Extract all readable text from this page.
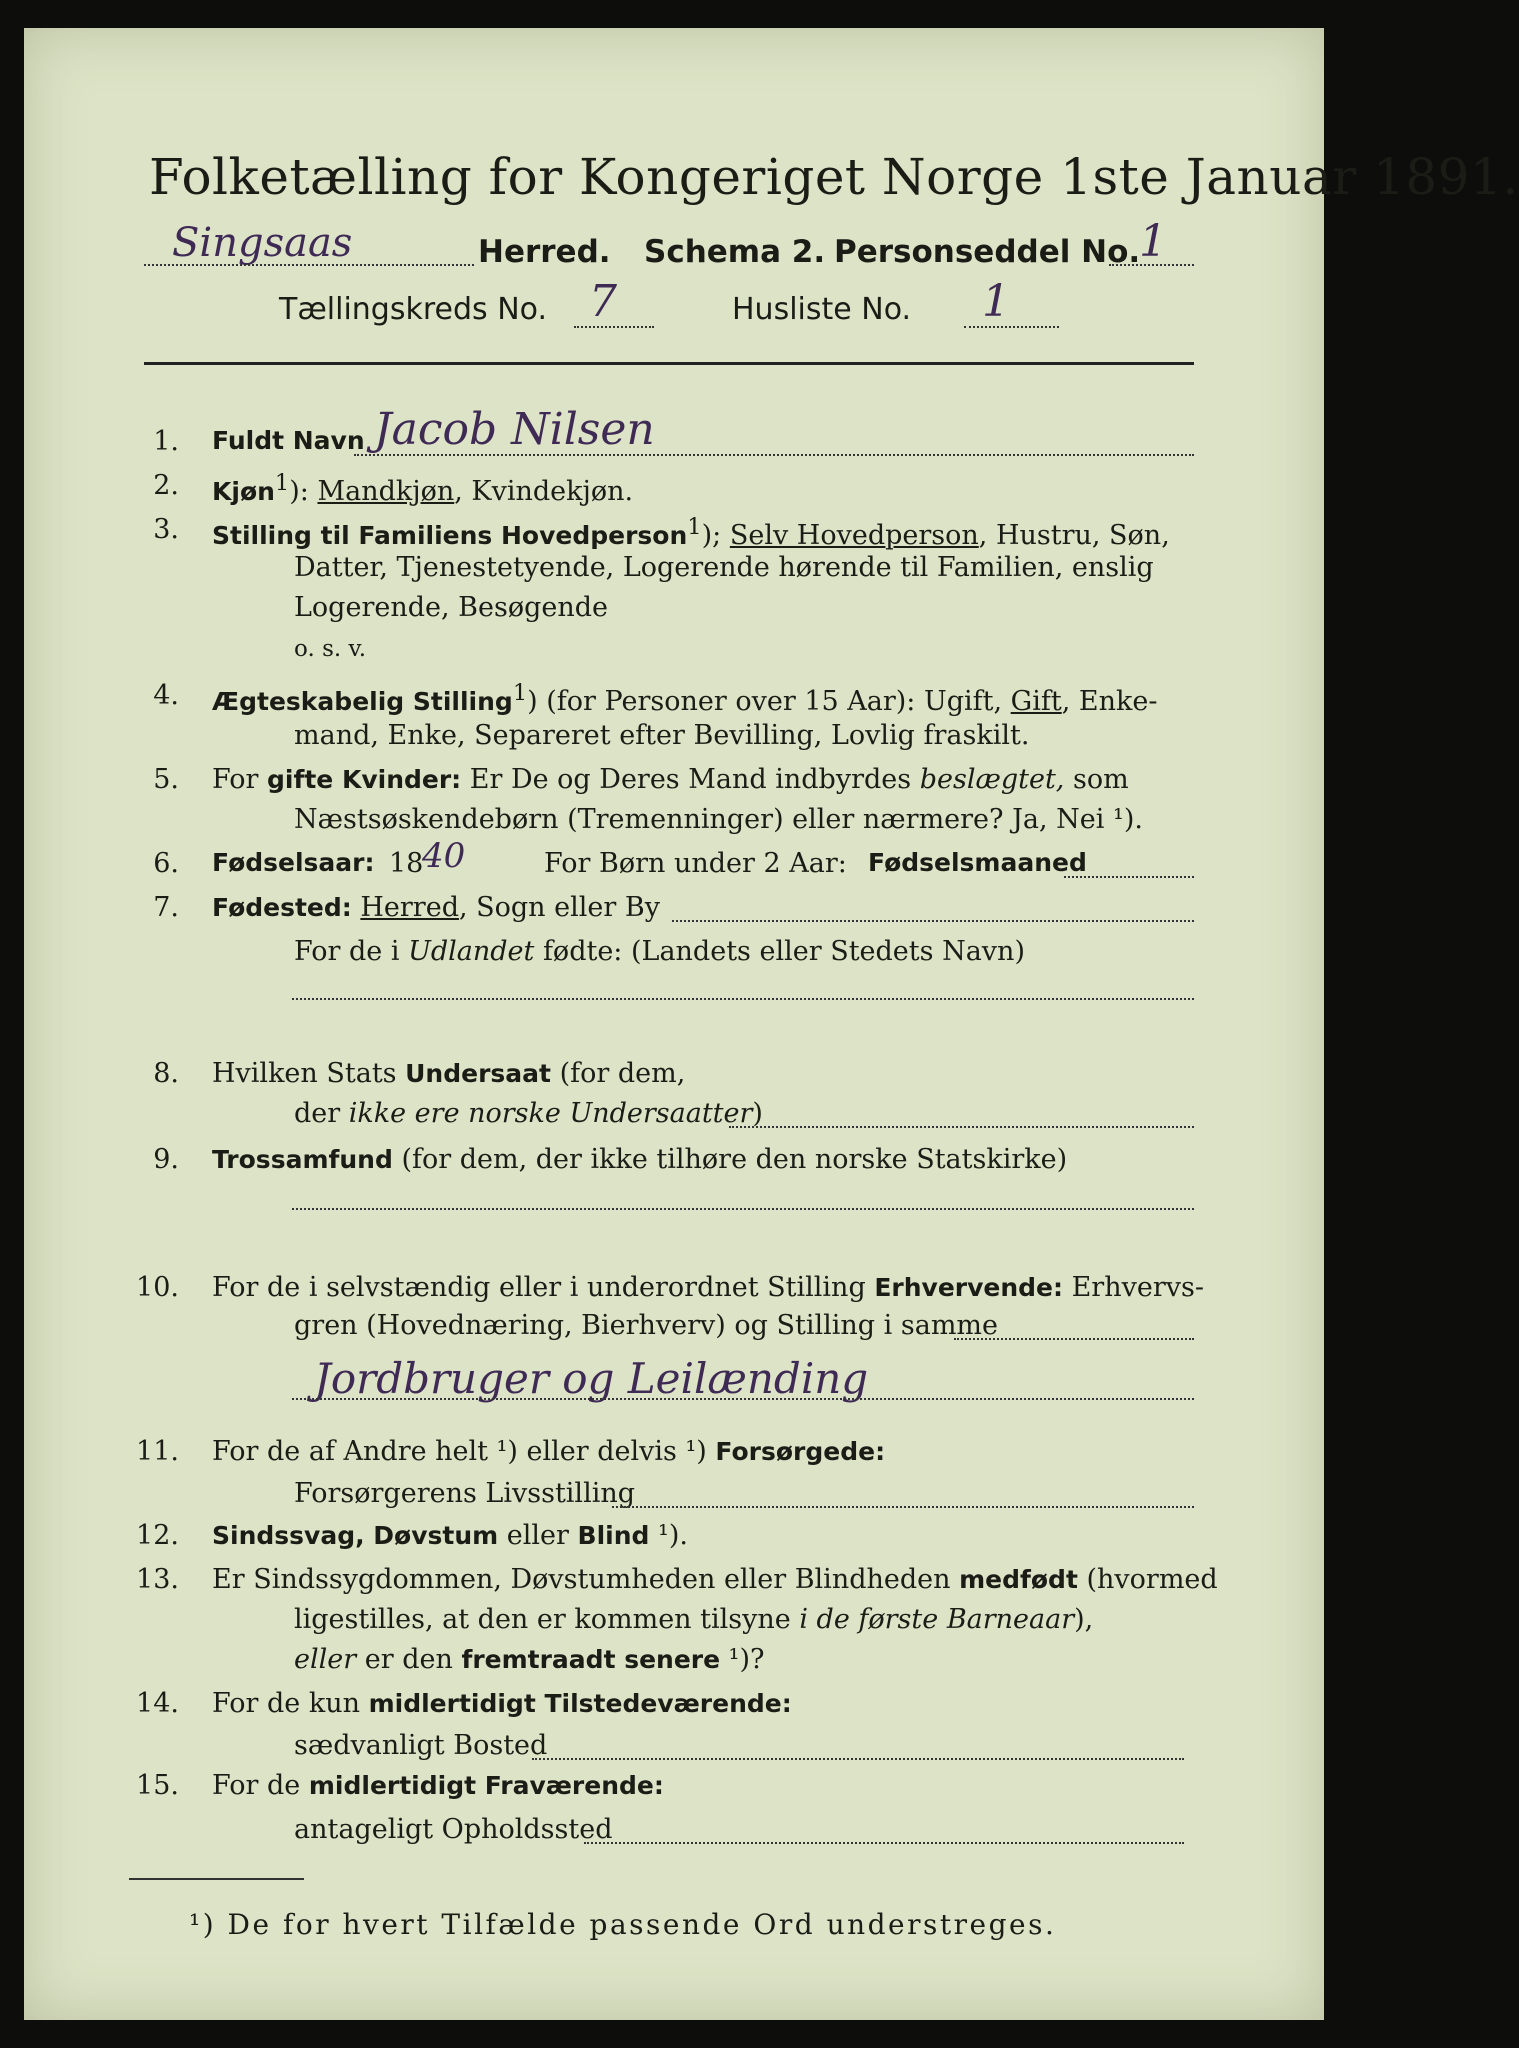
Folketælling for Kongeriget Norge 1ste Januar 1891.
Singsaas	Herred. Schema 2. Personseddel No.
1
Tællingskreds No. 7	Husliste No. 1
1. Fuldt Navn Jacob Nilsen
2. Kjøn$^1$): Mandkjøn, Kvindekjøn.
3. Stilling til Familiens Hovedperson$^1$); Selv Hovedperson, Hustru, Søn,
Datter, Tjenestetyende, Logerende hørende til Familien, enslig
Logerende, Besøgende
o. s. v.
4. Ægteskabelig Stilling$^1$) (for Personer over 15 Aar): Ugift, Gift, Enke-
mand, Enke, Separeret efter Bevilling, Lovlig fraskilt.
5. For gifte Kvinder: Er De og Deres Mand indbyrdes beslægtet, som
Næstsøskendebørn (Tremenninger) eller nærmere? Ja, Nei ¹).
6. Fødselsaar: 18
40	For Børn under 2 Aar: Fødselsmaaned
7. Fødested: Herred, Sogn eller By
For de i Udlandet fødte: (Landets eller Stedets Navn)
8. Hvilken Stats Undersaat (for dem,
der ikke ere norske Undersaatter)
9. Trossamfund (for dem, der ikke tilhøre den norske Statskirke)
10. For de i selvstændig eller i underordnet Stilling Erhvervende: Erhvervs-
gren (Hovednæring, Bierhverv) og Stilling i samme
Jordbruger og Leilænding
11. For de af Andre helt ¹) eller delvis ¹) Forsørgede:
Forsørgerens Livsstilling
12. Sindssvag, Døvstum eller Blind ¹).
13. Er Sindssygdommen, Døvstumheden eller Blindheden medfødt (hvormed
ligestilles, at den er kommen tilsyne i de første Barneaar),
eller er den fremtraadt senere ¹)?
14. For de kun midlertidigt Tilstedeværende:
sædvanligt Bosted
15. For de midlertidigt Fraværende:
¹) De for hvert Tilfælde passende Ord understreges.
antageligt Opholdssted
